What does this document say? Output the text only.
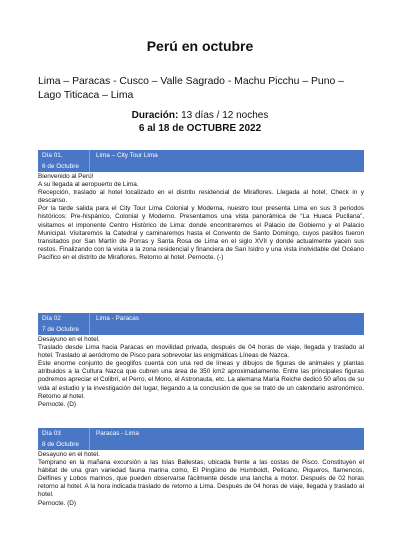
Perú en octubre
Lima – Paracas - Cusco – Valle Sagrado - Machu Picchu – Puno – Lago Titicaca – Lima
Duración: 13 días / 12 noches
6 al 18 de OCTUBRE 2022
Día 01,
6 de Octubre
Lima – City Tour Lima

Bienvenido al Perú!

A su llegada al aeropuerto de Lima.

Recepción, traslado al hotel localizado en el distrito residencial de Miraflores. Llegada al hotel, Check in y descanso.

Por la tarde salida para el City Tour Lima Colonial y Moderna, nuestro tour presenta Lima en sus 3 periodos históricos: Pre-hispánico, Colonial y Moderno. Presentamos una vista panorámica de “La Huaca Pucllana”, visitamos el imponente Centro Histórico de Lima: donde encontraremos el Palacio de Gobierno y el Palacio Municipal. Visitaremos la Catedral y caminaremos hasta el Convento de Santo Domingo, cuyos pasillos fueron transitados por San Martín de Porras y Santa Rosa de Lima en el siglo XVII y donde actualmente yacen sus restos. Finalizando con la visita a la zona residencial y financiera de San Isidro y una vista inolvidable del Océano Pacífico en el distrito de Miraflores. Retorno al hotel. Pernocte. (-)

Día 02
7 de Octubre
Lima - Paracas

Desayuno en el hotel.

Traslado desde Lima hacia Paracas en movilidad privada, después de 04 horas de viaje, llegada y traslado al hotel. Traslado al aeródromo de Pisco para sobrevolar las enigmáticas Líneas de Nazca.

Este enorme conjunto de geoglifos cuenta con una red de líneas y dibujos de figuras de animales y plantas atribuidos a la Cultura Nazca que cubren una área de 350 km2 aproximadamente. Entre las principales figuras podremos apreciar el Colibrí, el Perro, el Mono, el Astronauta, etc. La alemana María Reiche dedicó 50 años de su vida al estudio y la investigación del lugar, llegando a la conclusión de que se trató de un calendario astronómico. Retorno al hotel.

Pernocte. (D)

Día 03
8 de Octubre
Paracas - Lima

Desayuno en el hotel.

Temprano en la mañana excursión a las Islas Ballestas, ubicada frente a las costas de Pisco. Constituyen el hábitat de una gran variedad fauna marina como, El Pingüino de Humboldt, Pelícano, Piqueros, flamencos, Delfines y Lobos marinos, que pueden observarse fácilmente desde una lancha a motor. Después de 02 horas retorno al hotel. A la hora indicada traslado de retorno a Lima. Después de 04 horas de viaje, llegada y traslado al hotel.

Pernocte. (D)
